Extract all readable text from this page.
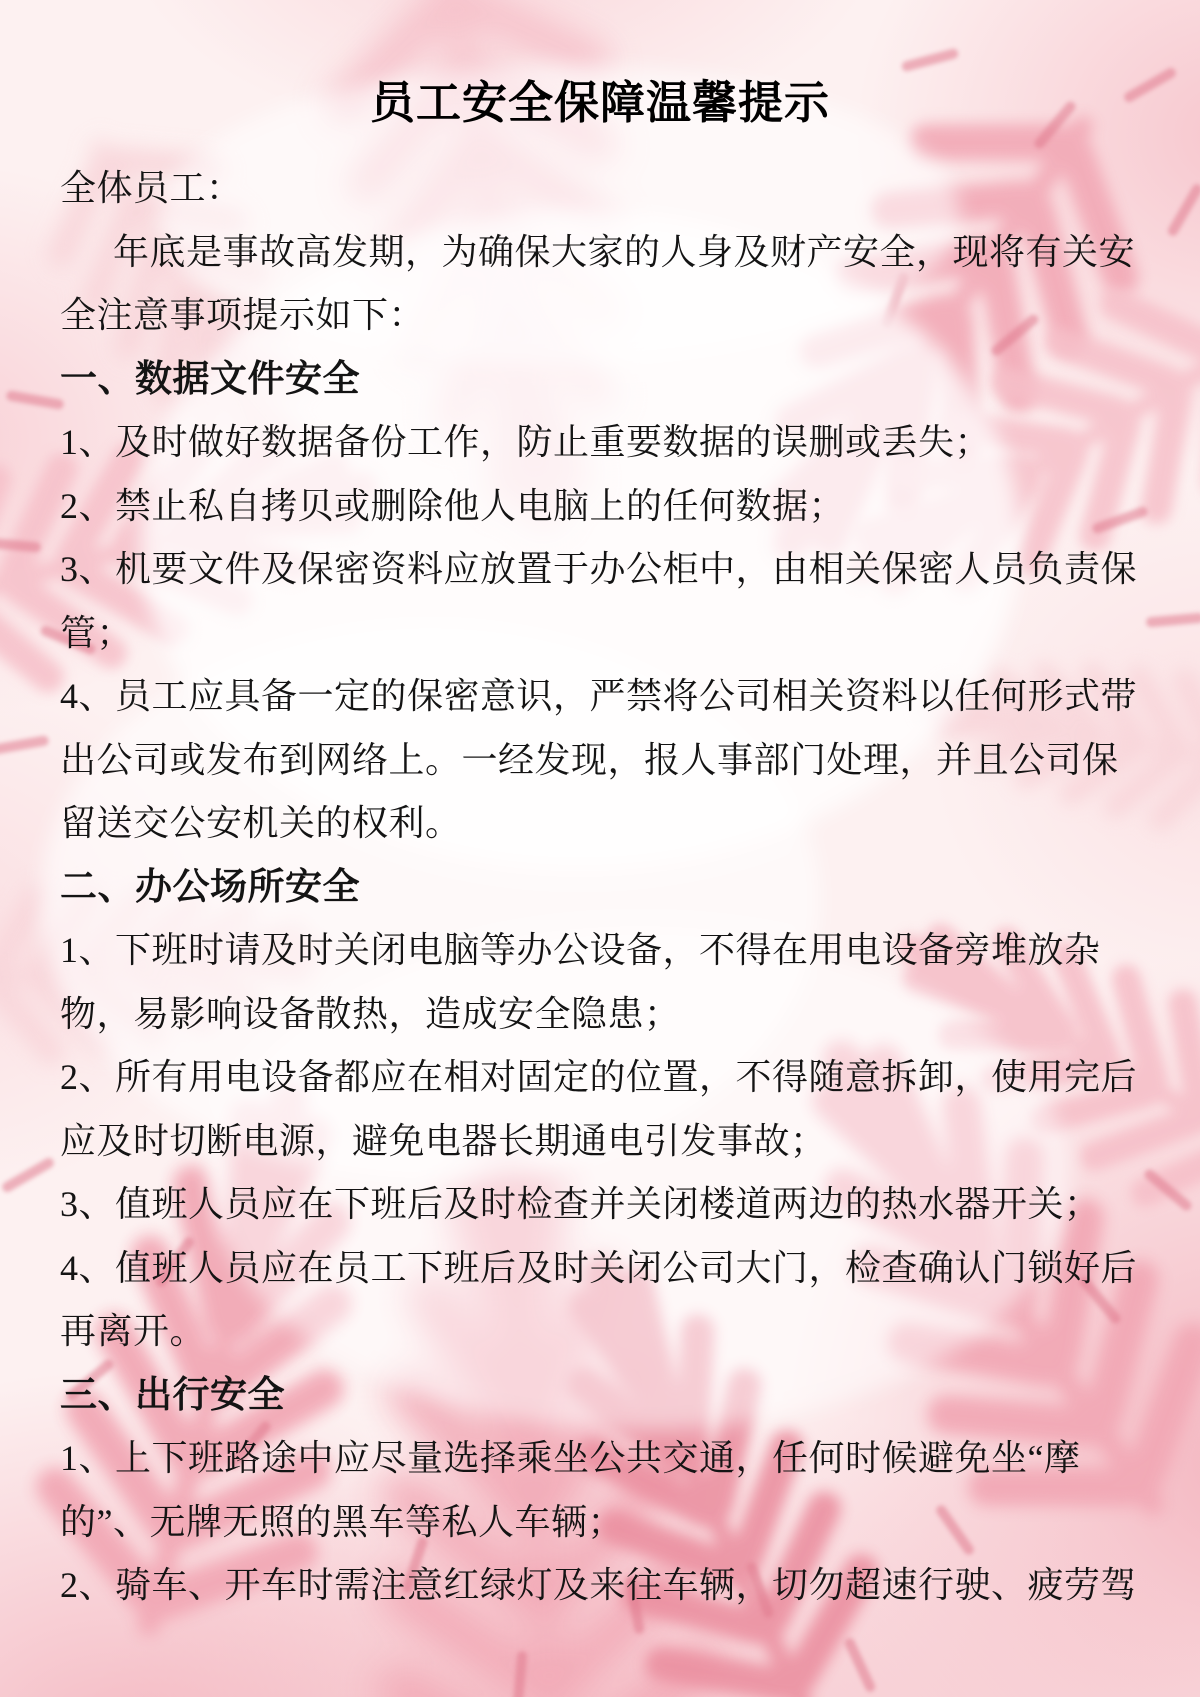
员工安全保障温馨提示
全体员工：
年底是事故高发期，为确保大家的人身及财产安全，现将有关安
全注意事项提示如下：
一、数据文件安全
1、及时做好数据备份工作，防止重要数据的误删或丢失；
2、禁止私自拷贝或删除他人电脑上的任何数据；
3、机要文件及保密资料应放置于办公柜中，由相关保密人员负责保
管；
4、员工应具备一定的保密意识，严禁将公司相关资料以任何形式带
出公司或发布到网络上。一经发现，报人事部门处理，并且公司保
留送交公安机关的权利。
二、办公场所安全
1、下班时请及时关闭电脑等办公设备，不得在用电设备旁堆放杂
物，易影响设备散热，造成安全隐患；
2、所有用电设备都应在相对固定的位置，不得随意拆卸，使用完后
应及时切断电源，避免电器长期通电引发事故；
3、值班人员应在下班后及时检查并关闭楼道两边的热水器开关；
4、值班人员应在员工下班后及时关闭公司大门，检查确认门锁好后
再离开。
三、出行安全
1、上下班路途中应尽量选择乘坐公共交通，任何时候避免坐“摩
的”、无牌无照的黑车等私人车辆；
2、骑车、开车时需注意红绿灯及来往车辆，切勿超速行驶、疲劳驾
